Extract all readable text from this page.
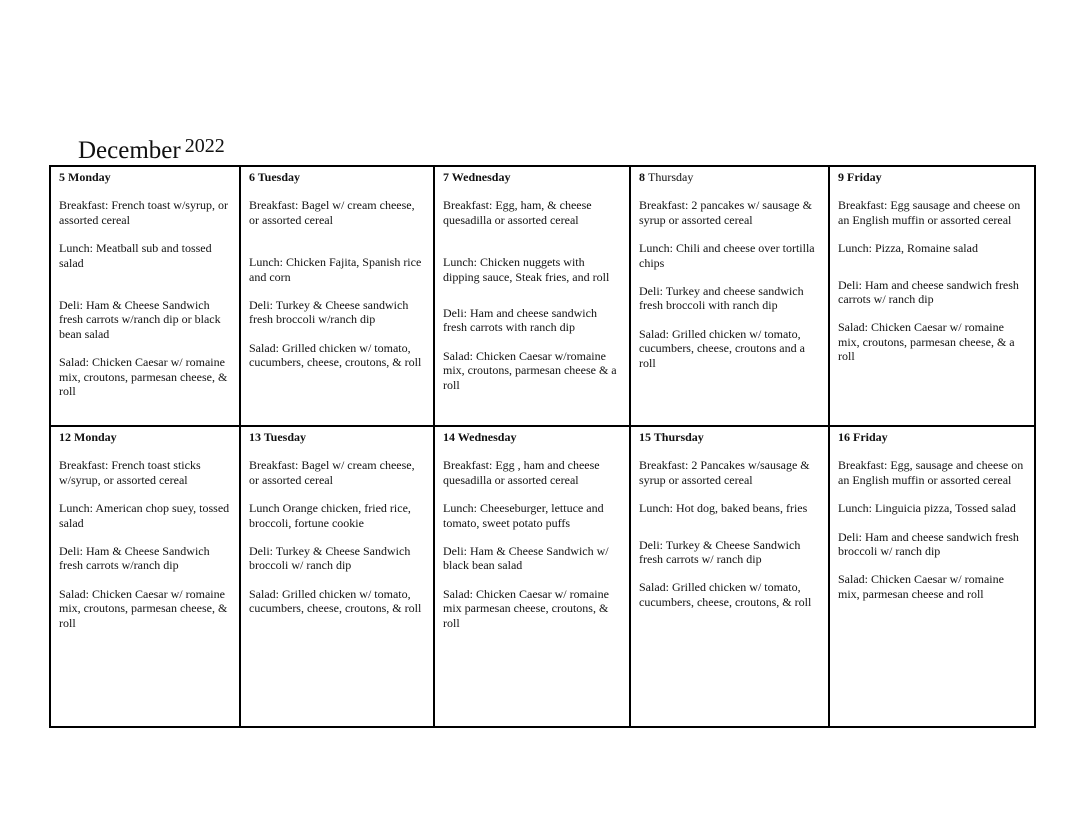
December $^{2022}$
5 Monday

Breakfast: French toast w/syrup, or assorted cereal

Lunch: Meatball sub and tossed salad

Deli: Ham & Cheese Sandwich fresh carrots w/ranch dip or black bean salad

Salad: Chicken Caesar w/ romaine mix, croutons, parmesan cheese, & roll

6 Tuesday

Breakfast: Bagel w/ cream cheese, or assorted cereal

Lunch: Chicken Fajita, Spanish rice and corn

Deli: Turkey & Cheese sandwich fresh broccoli w/ranch dip

Salad: Grilled chicken w/ tomato, cucumbers, cheese, croutons, & roll

7 Wednesday

Breakfast: Egg, ham, & cheese quesadilla or assorted cereal

Lunch: Chicken nuggets with dipping sauce, Steak fries, and roll

Deli: Ham and cheese sandwich fresh carrots with ranch dip

Salad: Chicken Caesar w/romaine mix, croutons, parmesan cheese & a roll

8 Thursday

Breakfast: 2 pancakes w/ sausage & syrup or assorted cereal

Lunch: Chili and cheese over tortilla chips

Deli: Turkey and cheese sandwich fresh broccoli with ranch dip

Salad: Grilled chicken w/ tomato, cucumbers, cheese, croutons and a roll

9 Friday

Breakfast: Egg sausage and cheese on an English muffin or assorted cereal

Lunch: Pizza, Romaine salad

Deli: Ham and cheese sandwich fresh carrots w/ ranch dip

Salad: Chicken Caesar w/ romaine mix, croutons, parmesan cheese, & a roll

12 Monday

Breakfast: French toast sticks w/syrup, or assorted cereal

Lunch: American chop suey, tossed salad

Deli: Ham & Cheese Sandwich fresh carrots w/ranch dip

Salad: Chicken Caesar w/ romaine mix, croutons, parmesan cheese, & roll

13 Tuesday

Breakfast: Bagel w/ cream cheese, or assorted cereal

Lunch Orange chicken, fried rice, broccoli, fortune cookie

Deli: Turkey & Cheese Sandwich broccoli w/ ranch dip

Salad: Grilled chicken w/ tomato, cucumbers, cheese, croutons, & roll

14 Wednesday

Breakfast: Egg , ham and cheese quesadilla or assorted cereal

Lunch: Cheeseburger, lettuce and tomato, sweet potato puffs

Deli: Ham & Cheese Sandwich w/ black bean salad

Salad: Chicken Caesar w/ romaine mix parmesan cheese, croutons, & roll

15 Thursday

Breakfast: 2 Pancakes w/sausage & syrup or assorted cereal

Lunch: Hot dog, baked beans, fries

Deli: Turkey & Cheese Sandwich fresh carrots w/ ranch dip

Salad: Grilled chicken w/ tomato, cucumbers, cheese, croutons, & roll

16 Friday

Breakfast: Egg, sausage and cheese on an English muffin or assorted cereal

Lunch: Linguicia pizza, Tossed salad

Deli: Ham and cheese sandwich fresh broccoli w/ ranch dip

Salad: Chicken Caesar w/ romaine mix, parmesan cheese and roll
